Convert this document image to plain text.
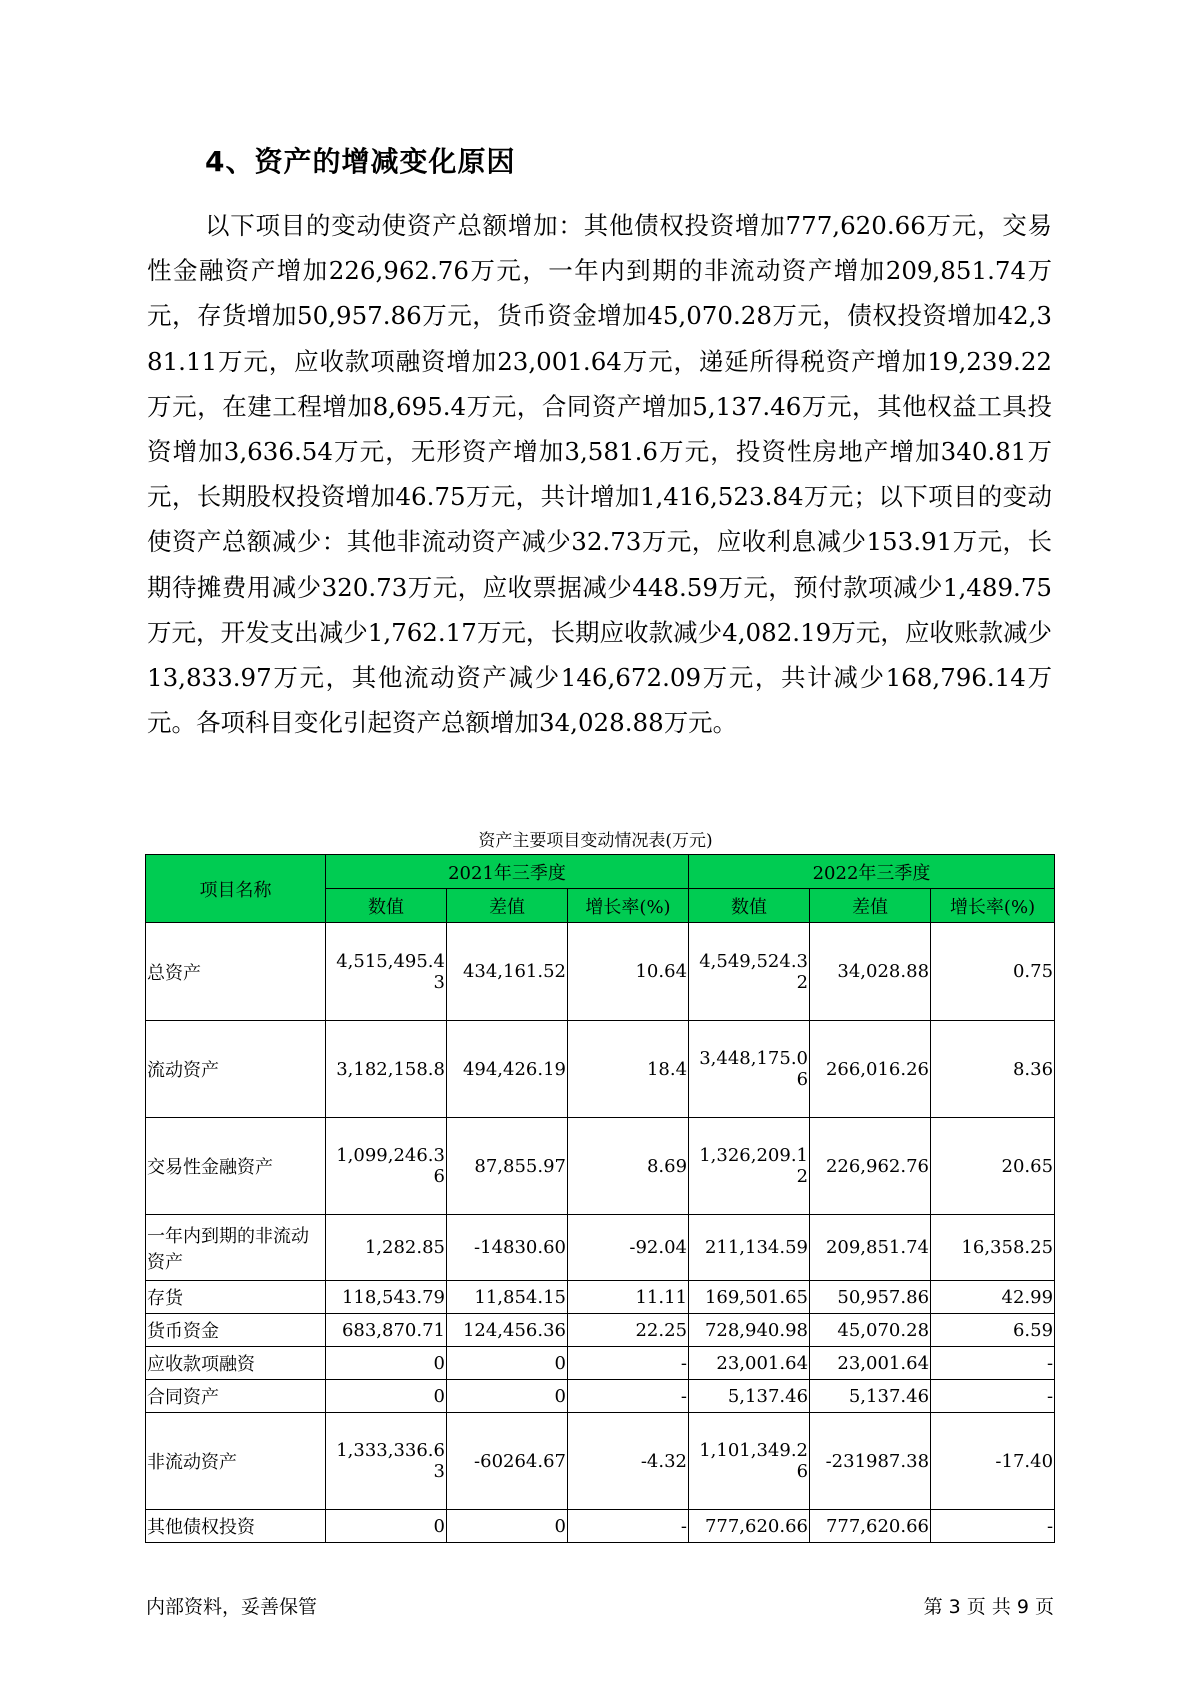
4、资产的增减变化原因
以下项目的变动使资产总额增加：其他债权投资增加777,620.66万元，交易性金融资产增加226,962.76万元，一年内到期的非流动资产增加209,851.74万元，存货增加50,957.86万元，货币资金增加45,070.28万元，债权投资增加42,381.11万元，应收款项融资增加23,001.64万元，递延所得税资产增加19,239.22万元，在建工程增加8,695.4万元，合同资产增加5,137.46万元，其他权益工具投资增加3,636.54万元，无形资产增加3,581.6万元，投资性房地产增加340.81万元，长期股权投资增加46.75万元，共计增加1,416,523.84万元；以下项目的变动使资产总额减少：其他非流动资产减少32.73万元，应收利息减少153.91万元，长期待摊费用减少320.73万元，应收票据减少448.59万元，预付款项减少1,489.75万元，开发支出减少1,762.17万元，长期应收款减少4,082.19万元，应收账款减少13,833.97万元，其他流动资产减少146,672.09万元，共计减少168,796.14万元。各项科目变化引起资产总额增加34,028.88万元。
资产主要项目变动情况表(万元)
项目名称	2021年三季度			2022年三季度		
	数值	差值	增长率(%)	数值	差值	增长率(%)
总资产	4,515,495.43	434,161.52	10.64	4,549,524.32	34,028.88	0.75
流动资产	3,182,158.8	494,426.19	18.4	3,448,175.06	266,016.26	8.36
交易性金融资产	1,099,246.36	87,855.97	8.69	1,326,209.12	226,962.76	20.65
一年内到期的非流动资产	1,282.85	-14830.60	-92.04	211,134.59	209,851.74	16,358.25
存货	118,543.79	11,854.15	11.11	169,501.65	50,957.86	42.99
货币资金	683,870.71	124,456.36	22.25	728,940.98	45,070.28	6.59
应收款项融资	0	0	-	23,001.64	23,001.64	-
合同资产	0	0	-	5,137.46	5,137.46	-
非流动资产	1,333,336.63	-60264.67	-4.32	1,101,349.26	-231987.38	-17.40
其他债权投资	0	0	-	777,620.66	777,620.66	-
内部资料，妥善保管	第 3 页 共 9 页
